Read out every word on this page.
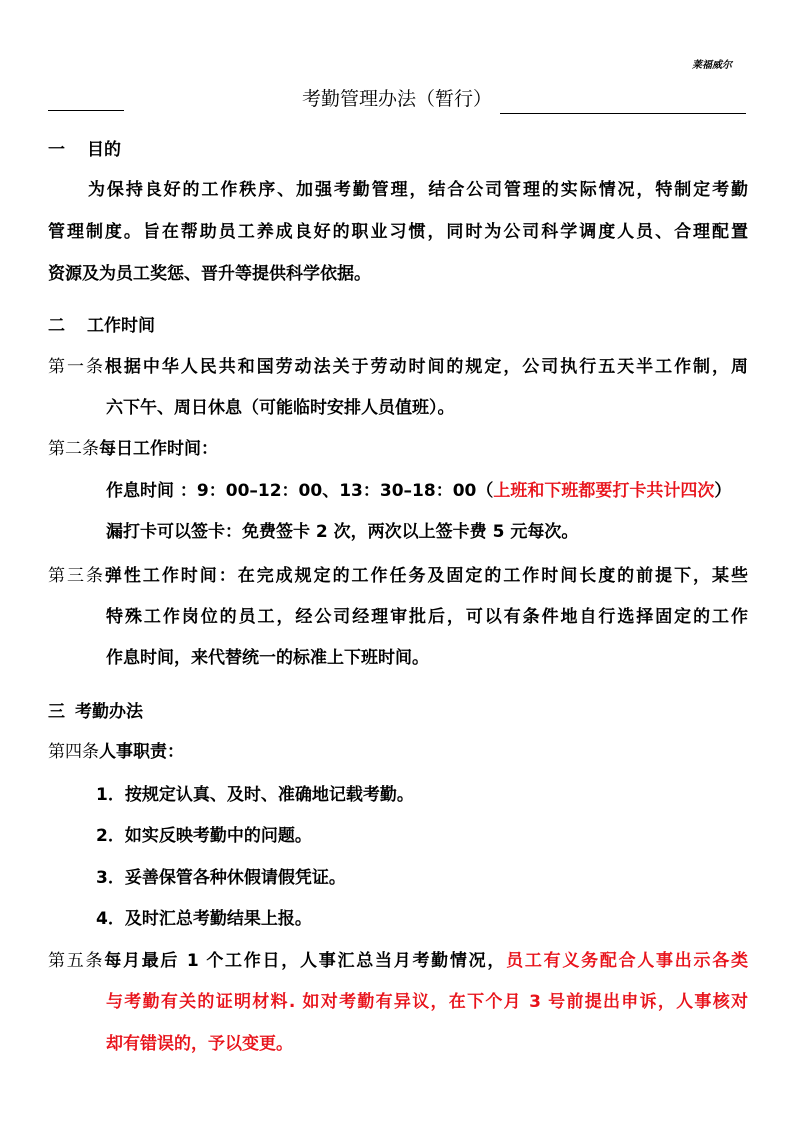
莱福威尔
考勤管理办法（暂行）
一 目的
为保持良好的工作秩序、加强考勤管理，结合公司管理的实际情况，特制定考勤
管理制度。旨在帮助员工养成良好的职业习惯，同时为公司科学调度人员、合理配置
资源及为员工奖惩、晋升等提供科学依据。
二 工作时间
第一条根据中华人民共和国劳动法关于劳动时间的规定，公司执行五天半工作制，周
六下午、周日休息（可能临时安排人员值班）。
第二条每日工作时间：
作息时间 ：9：00–12：00、13：30–18：00（上班和下班都要打卡共计四次）
漏打卡可以签卡：免费签卡 2 次，两次以上签卡费 5 元每次。
第三条弹性工作时间：在完成规定的工作任务及固定的工作时间长度的前提下，某些
特殊工作岗位的员工，经公司经理审批后，可以有条件地自行选择固定的工作
作息时间，来代替统一的标准上下班时间。
三 考勤办法
第四条人事职责：
1．按规定认真、及时、准确地记载考勤。
2．如实反映考勤中的问题。
3．妥善保管各种休假请假凭证。
4．及时汇总考勤结果上报。
第五条每月最后 1 个工作日，人事汇总当月考勤情况，员工有义务配合人事出示各类
与考勤有关的证明材料. 如对考勤有异议，在下个月 3 号前提出申诉，人事核对
却有错误的，予以变更。
